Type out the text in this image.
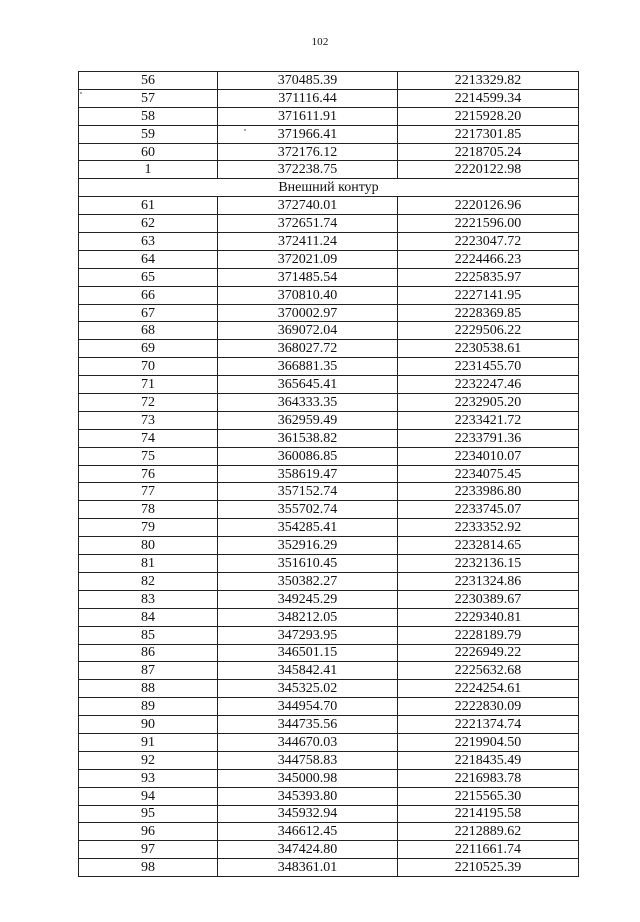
102
56	370485.39	2213329.82
57	371116.44	2214599.34
58	371611.91	2215928.20
59	371966.41	2217301.85
60	372176.12	2218705.24
1	372238.75	2220122.98
Внешний контур		
61	372740.01	2220126.96
62	372651.74	2221596.00
63	372411.24	2223047.72
64	372021.09	2224466.23
65	371485.54	2225835.97
66	370810.40	2227141.95
67	370002.97	2228369.85
68	369072.04	2229506.22
69	368027.72	2230538.61
70	366881.35	2231455.70
71	365645.41	2232247.46
72	364333.35	2232905.20
73	362959.49	2233421.72
74	361538.82	2233791.36
75	360086.85	2234010.07
76	358619.47	2234075.45
77	357152.74	2233986.80
78	355702.74	2233745.07
79	354285.41	2233352.92
80	352916.29	2232814.65
81	351610.45	2232136.15
82	350382.27	2231324.86
83	349245.29	2230389.67
84	348212.05	2229340.81
85	347293.95	2228189.79
86	346501.15	2226949.22
87	345842.41	2225632.68
88	345325.02	2224254.61
89	344954.70	2222830.09
90	344735.56	2221374.74
91	344670.03	2219904.50
92	344758.83	2218435.49
93	345000.98	2216983.78
94	345393.80	2215565.30
95	345932.94	2214195.58
96	346612.45	2212889.62
97	347424.80	2211661.74
98	348361.01	2210525.39
